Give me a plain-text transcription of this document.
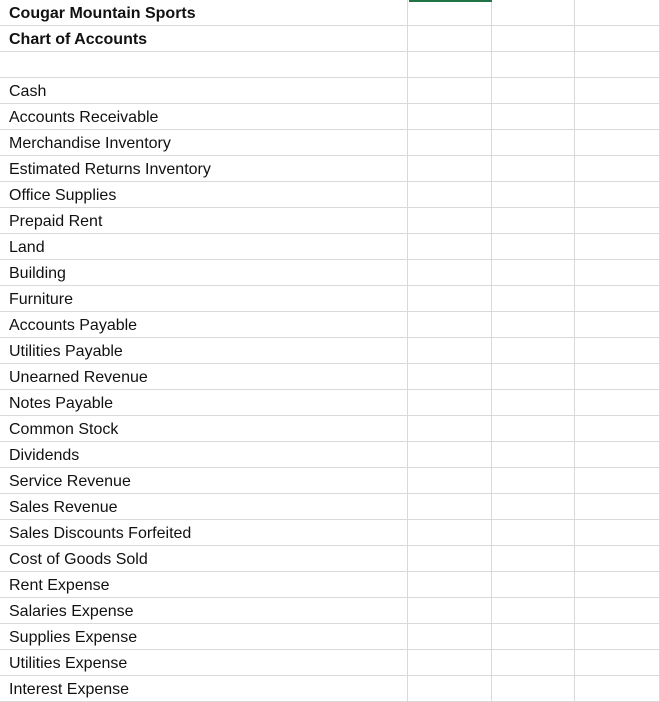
Cougar Mountain Sports
Chart of Accounts
Cash
Accounts Receivable
Merchandise Inventory
Estimated Returns Inventory
Office Supplies
Prepaid Rent
Land
Building
Furniture
Accounts Payable
Utilities Payable
Unearned Revenue
Notes Payable
Common Stock
Dividends
Service Revenue
Sales Revenue
Sales Discounts Forfeited
Cost of Goods Sold
Rent Expense
Salaries Expense
Supplies Expense
Utilities Expense
Interest Expense
